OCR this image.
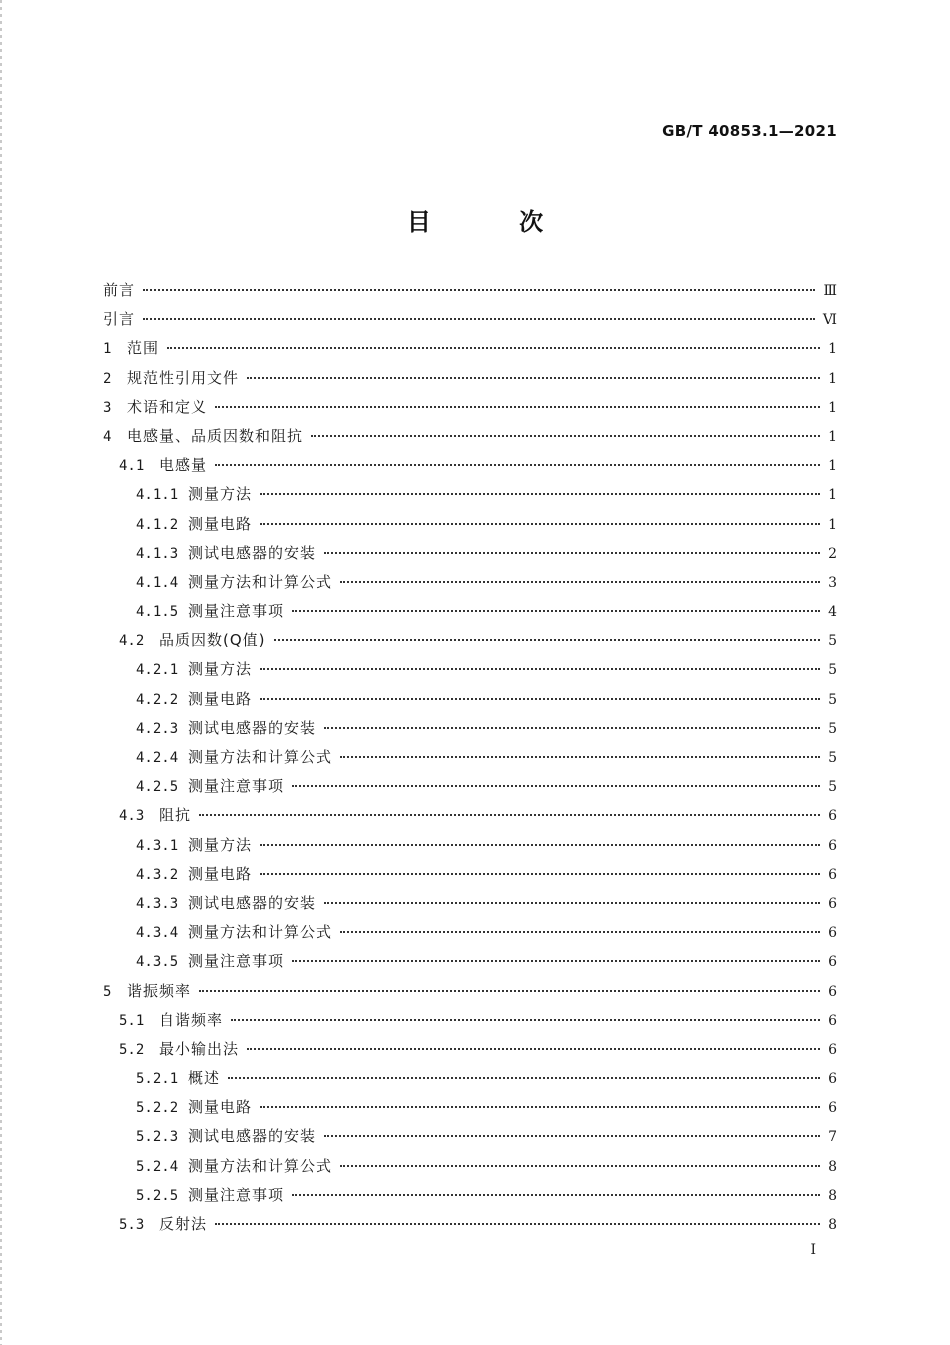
GB/T 40853.1—2021
目 次
前言	Ⅲ
引言	Ⅵ
1	范围	1
2	规范性引用文件	1
3	术语和定义	1
4	电感量、品质因数和阻抗	1
4.1 电感量	1
4.1.1 测量方法	1
4.1.2 测量电路	1
4.1.3 测试电感器的安装	2
4.1.4 测量方法和计算公式	3
4.1.5 测量注意事项	4
4.2 品质因数(Q值)	5
4.2.1 测量方法	5
4.2.2 测量电路	5
4.2.3 测试电感器的安装	5
4.2.4 测量方法和计算公式	5
4.2.5 测量注意事项	5
4.3 阻抗	6
4.3.1 测量方法	6
4.3.2 测量电路	6
4.3.3 测试电感器的安装	6
4.3.4 测量方法和计算公式	6
4.3.5 测量注意事项	6
5	谐振频率	6
5.1 自谐频率	6
5.2 最小输出法	6
5.2.1 概述	6
5.2.2 测量电路	6
5.2.3 测试电感器的安装	7
5.2.4 测量方法和计算公式	8
5.2.5 测量注意事项	8
5.3 反射法	8
Ⅰ
